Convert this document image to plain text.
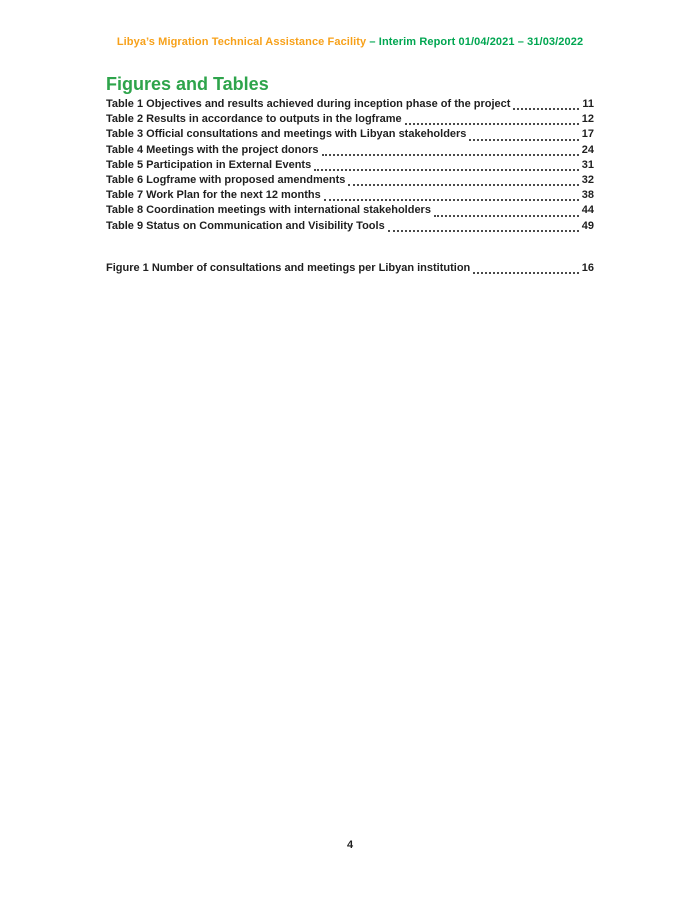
Libya’s Migration Technical Assistance Facility – Interim Report 01/04/2021 – 31/03/2022
Figures and Tables
Table 1 Objectives and results achieved during inception phase of the project	11
Table 2 Results in accordance to outputs in the logframe	12
Table 3 Official consultations and meetings with Libyan stakeholders	17
Table 4 Meetings with the project donors	24
Table 5 Participation in External Events	31
Table 6 Logframe with proposed amendments	32
Table 7 Work Plan for the next 12 months	38
Table 8 Coordination meetings with international stakeholders	44
Table 9 Status on Communication and Visibility Tools	49
Figure 1 Number of consultations and meetings per Libyan institution	16
4
